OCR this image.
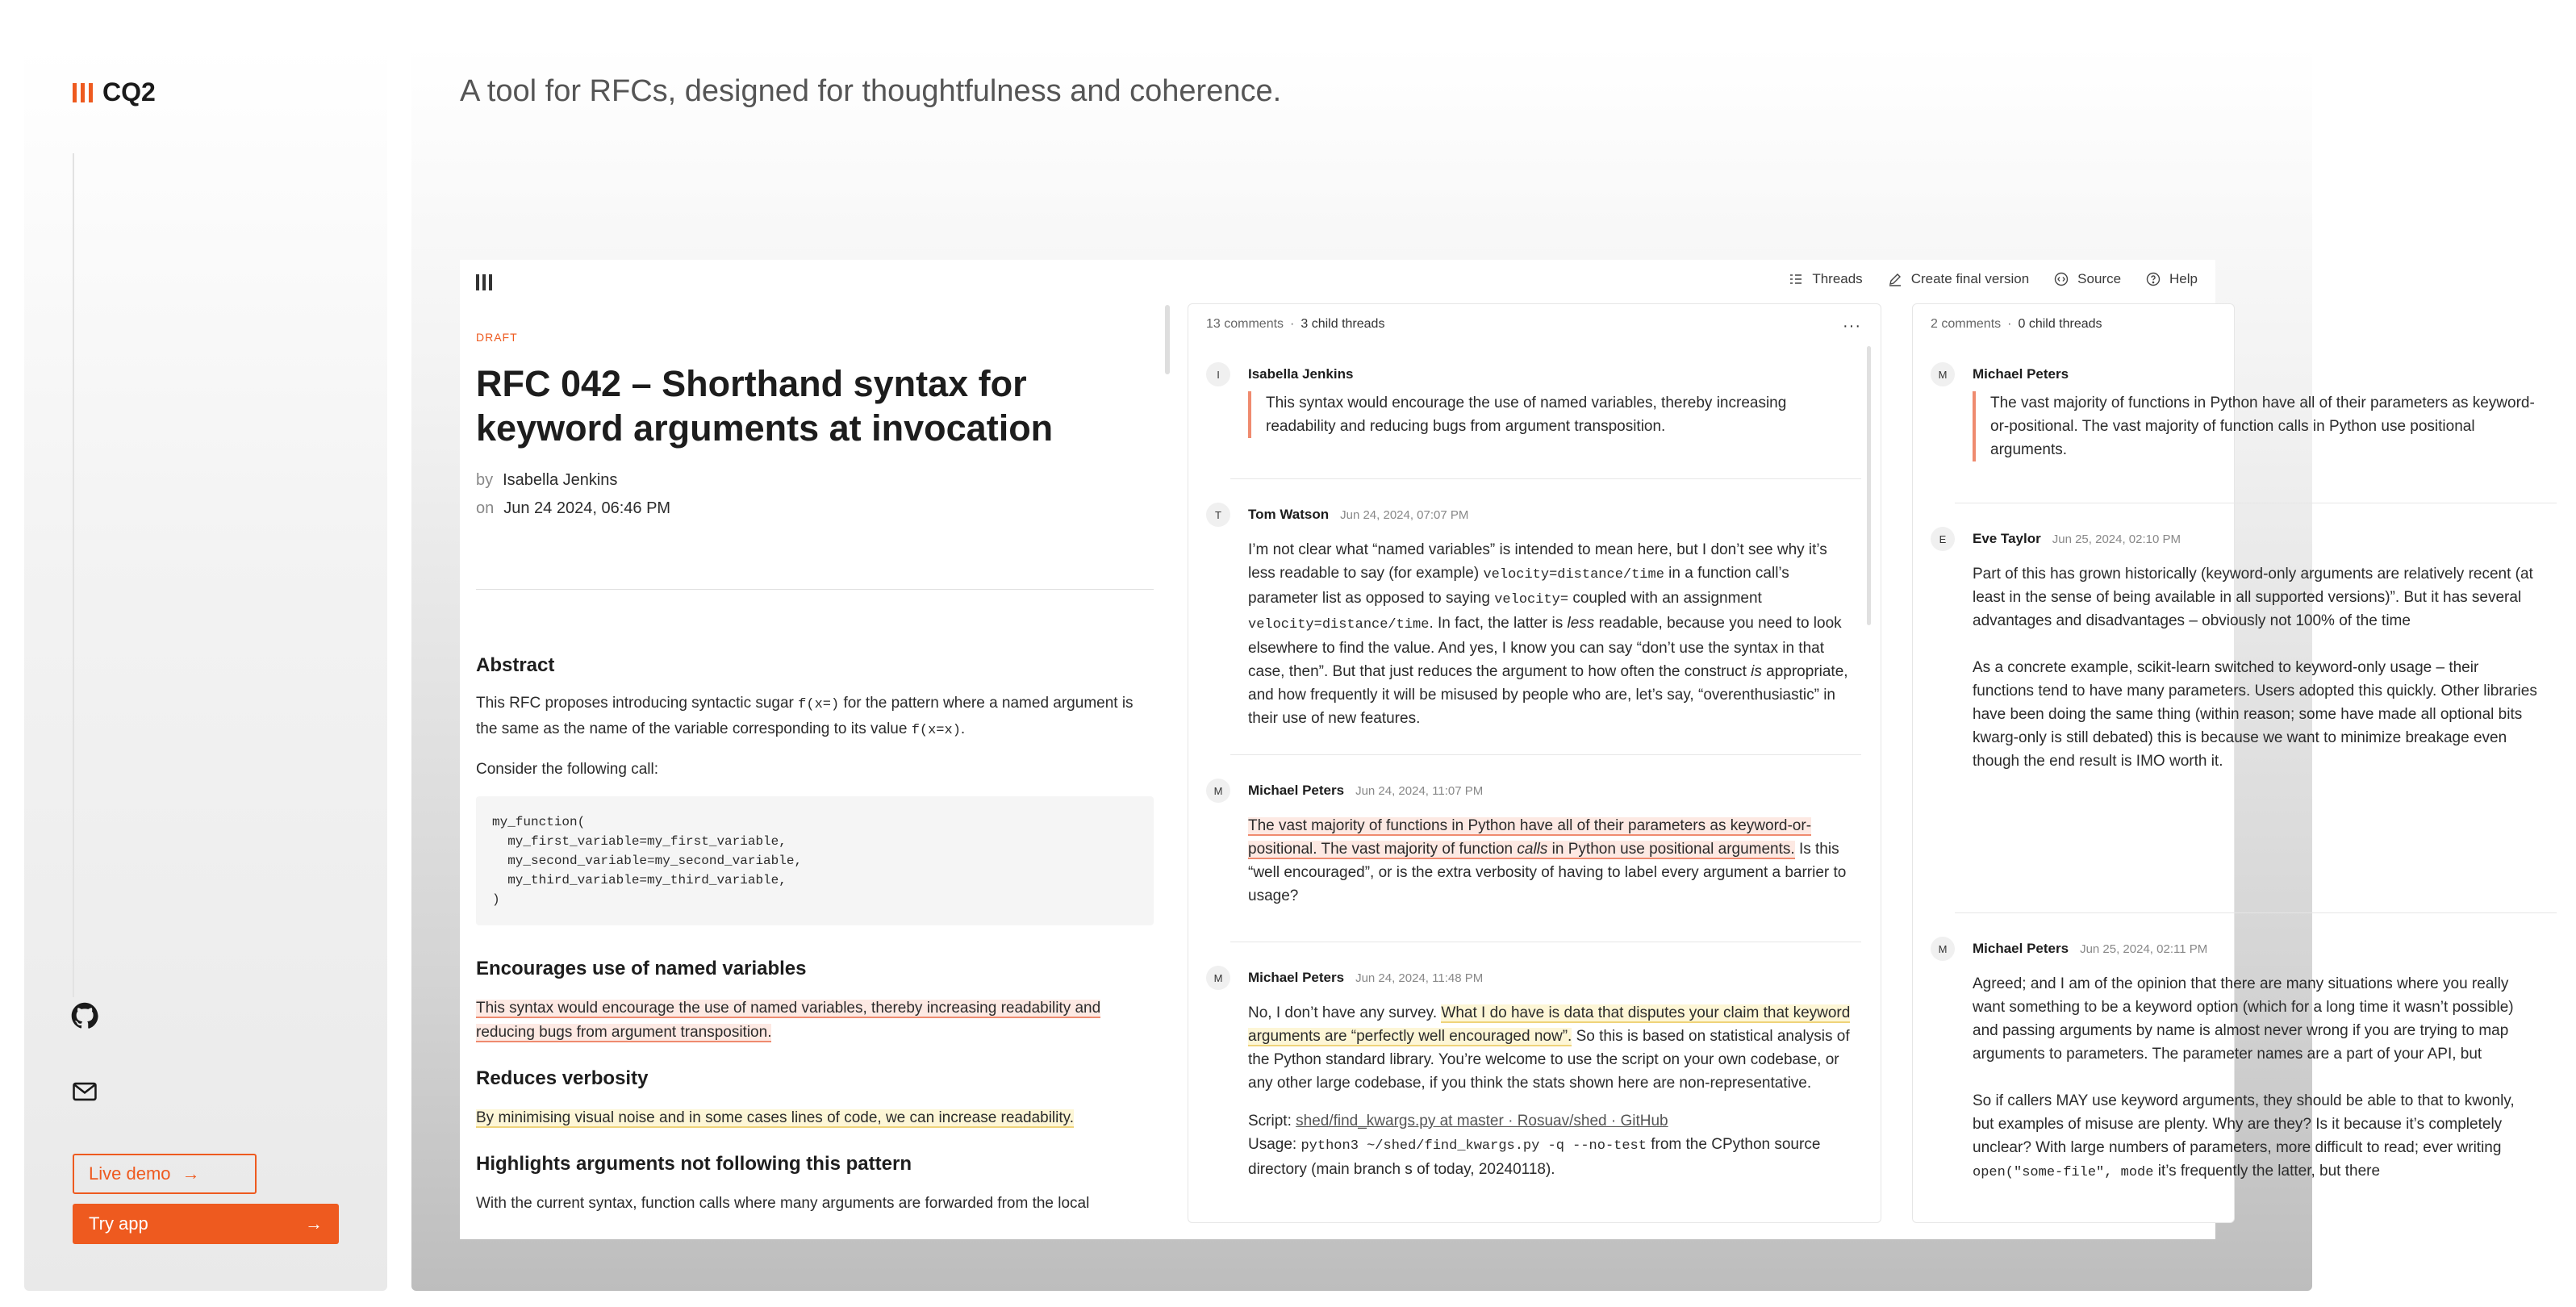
CQ2
Live demo →
Try app	→
A tool for RFCs, designed for thoughtfulness and coherence.
Threads	Create final version	Source	Help
DRAFT
RFC 042 – Shorthand syntax for keyword arguments at invocation
by Isabella Jenkins
on Jun 24 2024, 06:46 PM
Abstract

This RFC proposes introducing syntactic sugar f(x=) for the pattern where a named argument is the same as the name of the variable corresponding to its value f(x=x).

Consider the following call:

my_function(
my_first_variable=my_first_variable,
my_second_variable=my_second_variable,
my_third_variable=my_third_variable,
)
Encourages use of named variables

This syntax would encourage the use of named variables, thereby increasing readability and reducing bugs from argument transposition.

Reduces verbosity

By minimising visual noise and in some cases lines of code, we can increase readability.

Highlights arguments not following this pattern

With the current syntax, function calls where many arguments are forwarded from the local

13 comments · 3 child threads	···
I	Isabella Jenkins
This syntax would encourage the use of named variables, thereby increasing readability and reducing bugs from argument transposition.
T	Tom Watson Jun 24, 2024, 07:07 PM
I’m not clear what “named variables” is intended to mean here, but I don’t see why it’s less readable to say (for example) velocity=distance/time in a function call’s parameter list as opposed to saying velocity= coupled with an assignment velocity=distance/time. In fact, the latter is less readable, because you need to look elsewhere to find the value. And yes, I know you can say “don’t use the syntax in that case, then”. But that just reduces the argument to how often the construct is appropriate, and how frequently it will be misused by people who are, let’s say, “overenthusiastic” in their use of new features.
M	Michael Peters Jun 24, 2024, 11:07 PM
The vast majority of functions in Python have all of their parameters as keyword-or-positional. The vast majority of function calls in Python use positional arguments. Is this “well encouraged”, or is the extra verbosity of having to label every argument a barrier to usage?
M	Michael Peters Jun 24, 2024, 11:48 PM

No, I don’t have any survey. What I do have is data that disputes your claim that keyword arguments are “perfectly well encouraged now”. So this is based on statistical analysis of the Python standard library. You’re welcome to use the script on your own codebase, or any other large codebase, if you think the stats shown here are non-representative.

Script: shed/find_kwargs.py at master · Rosuav/shed · GitHub
Usage: python3 ~/shed/find_kwargs.py -q --no-test from the CPython source directory (main branch s of today, 20240118).

2 comments · 0 child threads
M	Michael Peters
The vast majority of functions in Python have all of their parameters as keyword-or-positional. The vast majority of function calls in Python use positional arguments.
E	Eve Taylor Jun 25, 2024, 02:10 PM

Part of this has grown historically (keyword-only arguments are relatively recent (at least in the sense of being available in all supported versions)”. But it has several advantages and disadvantages – obviously not 100% of the time

As a concrete example, scikit-learn switched to keyword-only usage – their functions tend to have many parameters. Users adopted this quickly. Other libraries have been doing the same thing (within reason; some have made all optional bits kwarg-only is still debated) this is because we want to minimize breakage even though the end result is IMO worth it.

M	Michael Peters Jun 25, 2024, 02:11 PM

Agreed; and I am of the opinion that there are many situations where you really want something to be a keyword option (which for a long time it wasn’t possible) and passing arguments by name is almost never wrong if you are trying to map arguments to parameters. The parameter names are a part of your API, but

So if callers MAY use keyword arguments, they should be able to that to kwonly, but examples of misuse are plenty. Why are they? Is it because it’s completely unclear? With large numbers of parameters, more difficult to read; ever writing open("some-file", mode it’s frequently the latter, but there
